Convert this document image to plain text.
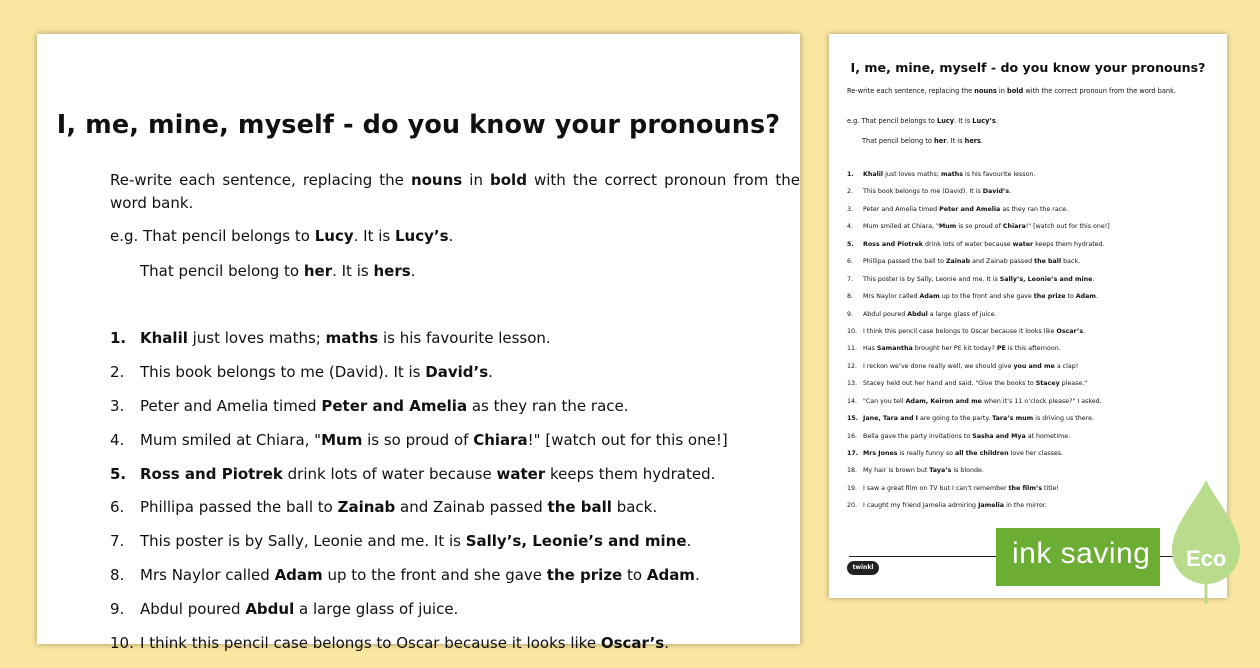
I, me, mine, myself - do you know your pronouns?
Re-write each sentence, replacing the nouns in bold with the correct pronoun from the word bank.
e.g. That pencil belongs to Lucy. It is Lucy’s.
That pencil belong to her. It is hers.
1. Khalil just loves maths; maths is his favourite lesson.
2. This book belongs to me (David). It is David’s.
3. Peter and Amelia timed Peter and Amelia as they ran the race.
4. Mum smiled at Chiara, "Mum is so proud of Chiara!" [watch out for this one!]
5. Ross and Piotrek drink lots of water because water keeps them hydrated.
6. Phillipa passed the ball to Zainab and Zainab passed the ball back.
7. This poster is by Sally, Leonie and me. It is Sally’s, Leonie’s and mine.
8. Mrs Naylor called Adam up to the front and she gave the prize to Adam.
9. Abdul poured Abdul a large glass of juice.
10. I think this pencil case belongs to Oscar because it looks like Oscar’s.
I, me, mine, myself - do you know your pronouns?
Re-write each sentence, replacing the nouns in bold with the correct pronoun from the word bank.
e.g. That pencil belongs to Lucy. It is Lucy’s.
That pencil belong to her. It is hers.
1. Khalil just loves maths; maths is his favourite lesson.
2. This book belongs to me (David). It is David’s.
3. Peter and Amelia timed Peter and Amelia as they ran the race.
4. Mum smiled at Chiara, "Mum is so proud of Chiara!" [watch out for this one!]
5. Ross and Piotrek drink lots of water because water keeps them hydrated.
6. Phillipa passed the ball to Zainab and Zainab passed the ball back.
7. This poster is by Sally, Leonie and me. It is Sally’s, Leonie’s and mine.
8. Mrs Naylor called Adam up to the front and she gave the prize to Adam.
9. Abdul poured Abdul a large glass of juice.
10. I think this pencil case belongs to Oscar because it looks like Oscar’s.
11. Has Samantha brought her PE kit today? PE is this afternoon.
12. I reckon we’ve done really well, we should give you and me a clap!
13. Stacey held out her hand and said, "Give the books to Stacey please."
14. "Can you tell Adam, Keiron and me when it’s 11 o’clock please?" I asked.
15. Jane, Tara and I are going to the party. Tara’s mum is driving us there.
16. Bella gave the party invitations to Sasha and Mya at hometime.
17. Mrs Jones is really funny so all the children love her classes.
18. My hair is brown but Taya’s is blonde.
19. I saw a great film on TV but I can’t remember the film’s title!
20. I caught my friend Jamelia admiring Jamelia in the mirror.
twinkl	ink saving Eco
